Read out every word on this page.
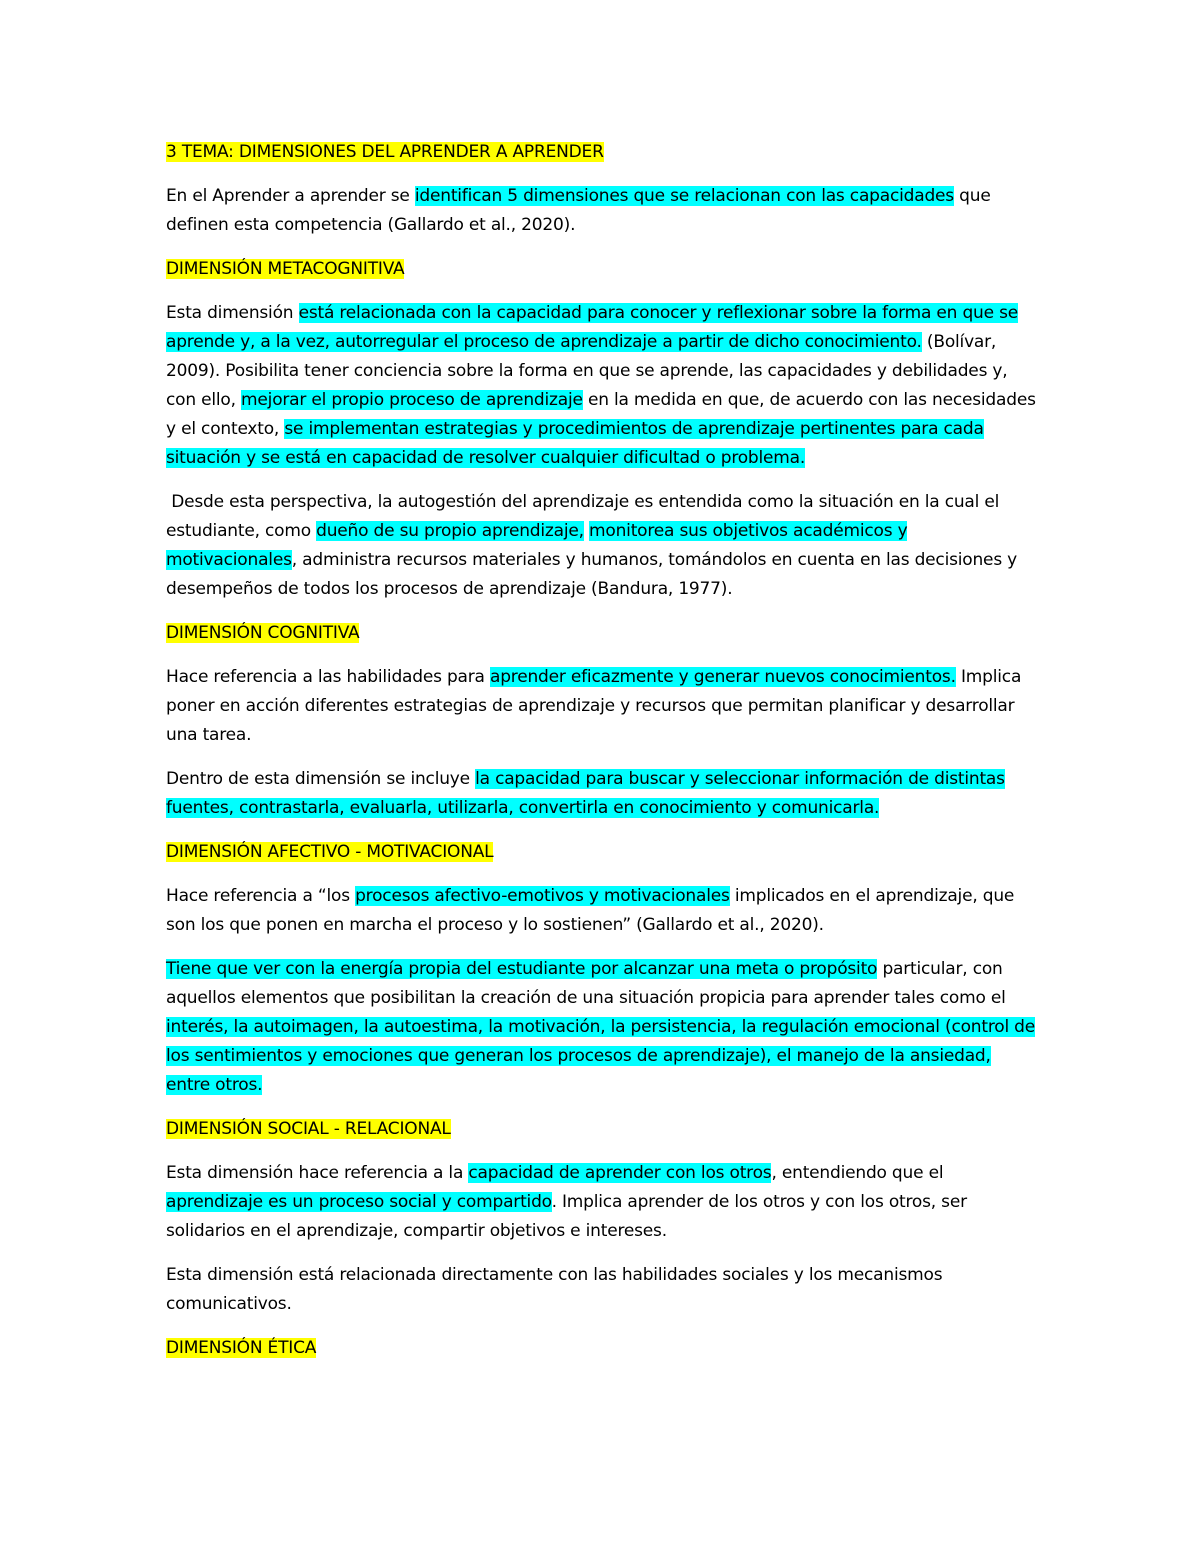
3 TEMA: DIMENSIONES DEL APRENDER A APRENDER

En el Aprender a aprender se identifican 5 dimensiones que se relacionan con las capacidades que definen esta competencia (Gallardo et al., 2020).

DIMENSIÓN METACOGNITIVA

Esta dimensión está relacionada con la capacidad para conocer y reflexionar sobre la forma en que se aprende y, a la vez, autorregular el proceso de aprendizaje a partir de dicho conocimiento. (Bolívar, 2009). Posibilita tener conciencia sobre la forma en que se aprende, las capacidades y debilidades y, con ello, mejorar el propio proceso de aprendizaje en la medida en que, de acuerdo con las necesidades y el contexto, se implementan estrategias y procedimientos de aprendizaje pertinentes para cada situación y se está en capacidad de resolver cualquier dificultad o problema.

Desde esta perspectiva, la autogestión del aprendizaje es entendida como la situación en la cual el estudiante, como dueño de su propio aprendizaje, monitorea sus objetivos académicos y motivacionales, administra recursos materiales y humanos, tomándolos en cuenta en las decisiones y desempeños de todos los procesos de aprendizaje (Bandura, 1977).

DIMENSIÓN COGNITIVA

Hace referencia a las habilidades para aprender eficazmente y generar nuevos conocimientos. Implica poner en acción diferentes estrategias de aprendizaje y recursos que permitan planificar y desarrollar una tarea.

Dentro de esta dimensión se incluye la capacidad para buscar y seleccionar información de distintas fuentes, contrastarla, evaluarla, utilizarla, convertirla en conocimiento y comunicarla.

DIMENSIÓN AFECTIVO - MOTIVACIONAL

Hace referencia a “los procesos afectivo-emotivos y motivacionales implicados en el aprendizaje, que son los que ponen en marcha el proceso y lo sostienen” (Gallardo et al., 2020).

Tiene que ver con la energía propia del estudiante por alcanzar una meta o propósito particular, con aquellos elementos que posibilitan la creación de una situación propicia para aprender tales como el interés, la autoimagen, la autoestima, la motivación, la persistencia, la regulación emocional (control de los sentimientos y emociones que generan los procesos de aprendizaje), el manejo de la ansiedad, entre otros.

DIMENSIÓN SOCIAL - RELACIONAL

Esta dimensión hace referencia a la capacidad de aprender con los otros, entendiendo que el aprendizaje es un proceso social y compartido. Implica aprender de los otros y con los otros, ser solidarios en el aprendizaje, compartir objetivos e intereses.

Esta dimensión está relacionada directamente con las habilidades sociales y los mecanismos comunicativos.

DIMENSIÓN ÉTICA
